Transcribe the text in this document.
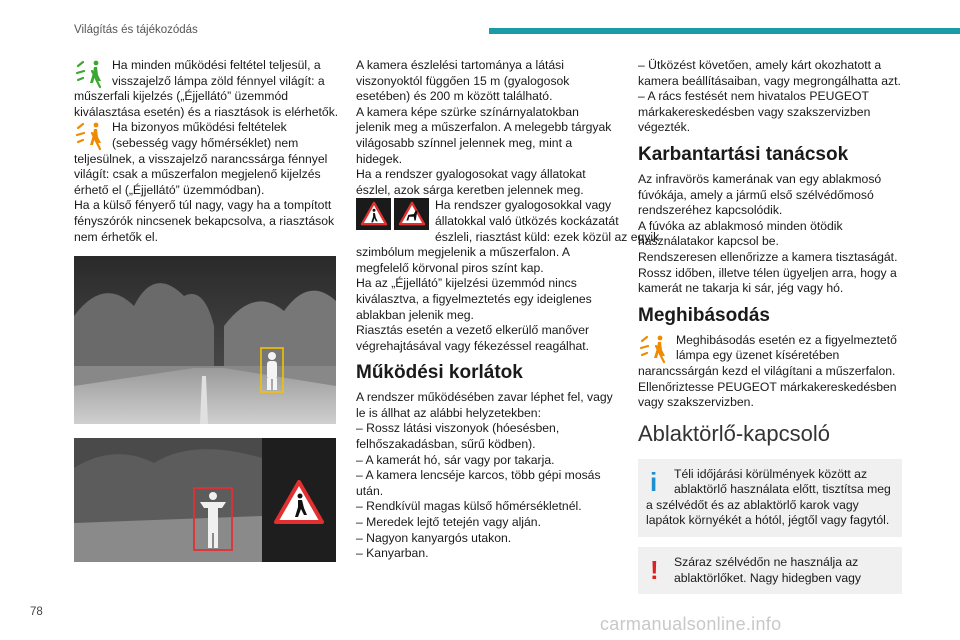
Világítás és tájékozódás
Ha minden működési feltétel teljesül, a
visszajelző lámpa zöld fénnyel világít: a
műszerfali kijelzés („Éjjellátó” üzemmód
kiválasztása esetén) és a riasztások is elérhetők.
Ha bizonyos működési feltételek
(sebesség vagy hőmérséklet) nem
teljesülnek, a visszajelző narancssárga fénnyel
világít: csak a műszerfalon megjelenő kijelzés
érhető el („Éjjellátó” üzemmódban).
Ha a külső fényerő túl nagy, vagy ha a tompított
fényszórók nincsenek bekapcsolva, a riasztások
nem érhetők el.
A kamera észlelési tartománya a látási
viszonyoktól függően 15 m (gyalogosok
esetében) és 200 m között található.
A kamera képe szürke színárnyalatokban
jelenik meg a műszerfalon. A melegebb tárgyak
világosabb színnel jelennek meg, mint a
hidegek.
Ha a rendszer gyalogosokat vagy állatokat
észlel, azok sárga keretben jelennek meg.
Ha rendszer gyalogosokkal vagy
állatokkal való ütközés kockázatát
észleli, riasztást küld: ezek közül az egyik
szimbólum megjelenik a műszerfalon. A
megfelelő körvonal piros színt kap.
Ha az „Éjjellátó” kijelzési üzemmód nincs
kiválasztva, a figyelmeztetés egy ideiglenes
ablakban jelenik meg.
Riasztás esetén a vezető elkerülő manőver
végrehajtásával vagy fékezéssel reagálhat.
Működési korlátok
A rendszer működésében zavar léphet fel, vagy
le is állhat az alábbi helyzetekben:
– Rossz látási viszonyok (hóesésben,
felhőszakadásban, sűrű ködben).
– A kamerát hó, sár vagy por takarja.
– A kamera lencséje karcos, több gépi mosás
után.
– Rendkívül magas külső hőmérsékletnél.
– Meredek lejtő tetején vagy alján.
– Nagyon kanyargós utakon.
– Kanyarban.
– Ütközést követően, amely kárt okozhatott a
kamera beállításaiban, vagy megrongálhatta azt.
– A rács festését nem hivatalos PEUGEOT
márkakereskedésben vagy szakszervizben
végezték.
Karbantartási tanácsok
Az infravörös kamerának van egy ablakmosó
fúvókája, amely a jármű első szélvédőmosó
rendszeréhez kapcsolódik.
A fúvóka az ablakmosó minden ötödik
használatakor kapcsol be.
Rendszeresen ellenőrizze a kamera tisztaságát.
Rossz időben, illetve télen ügyeljen arra, hogy a
kamerát ne takarja ki sár, jég vagy hó.
Meghibásodás
Meghibásodás esetén ez a figyelmeztető
lámpa egy üzenet kíséretében
narancssárgán kezd el világítani a műszerfalon.
Ellenőriztesse PEUGEOT márkakereskedésben
vagy szakszervizben.
Ablaktörlő-kapcsoló
i Téli időjárási körülmények között az
ablaktörlő használata előtt, tisztítsa meg
a szélvédőt és az ablaktörlő karok vagy
lapátok környékét a hótól, jégtől vagy fagytól.
! Száraz szélvédőn ne használja az
ablaktörlőket. Nagy hidegben vagy
78
carmanualsonline.info
